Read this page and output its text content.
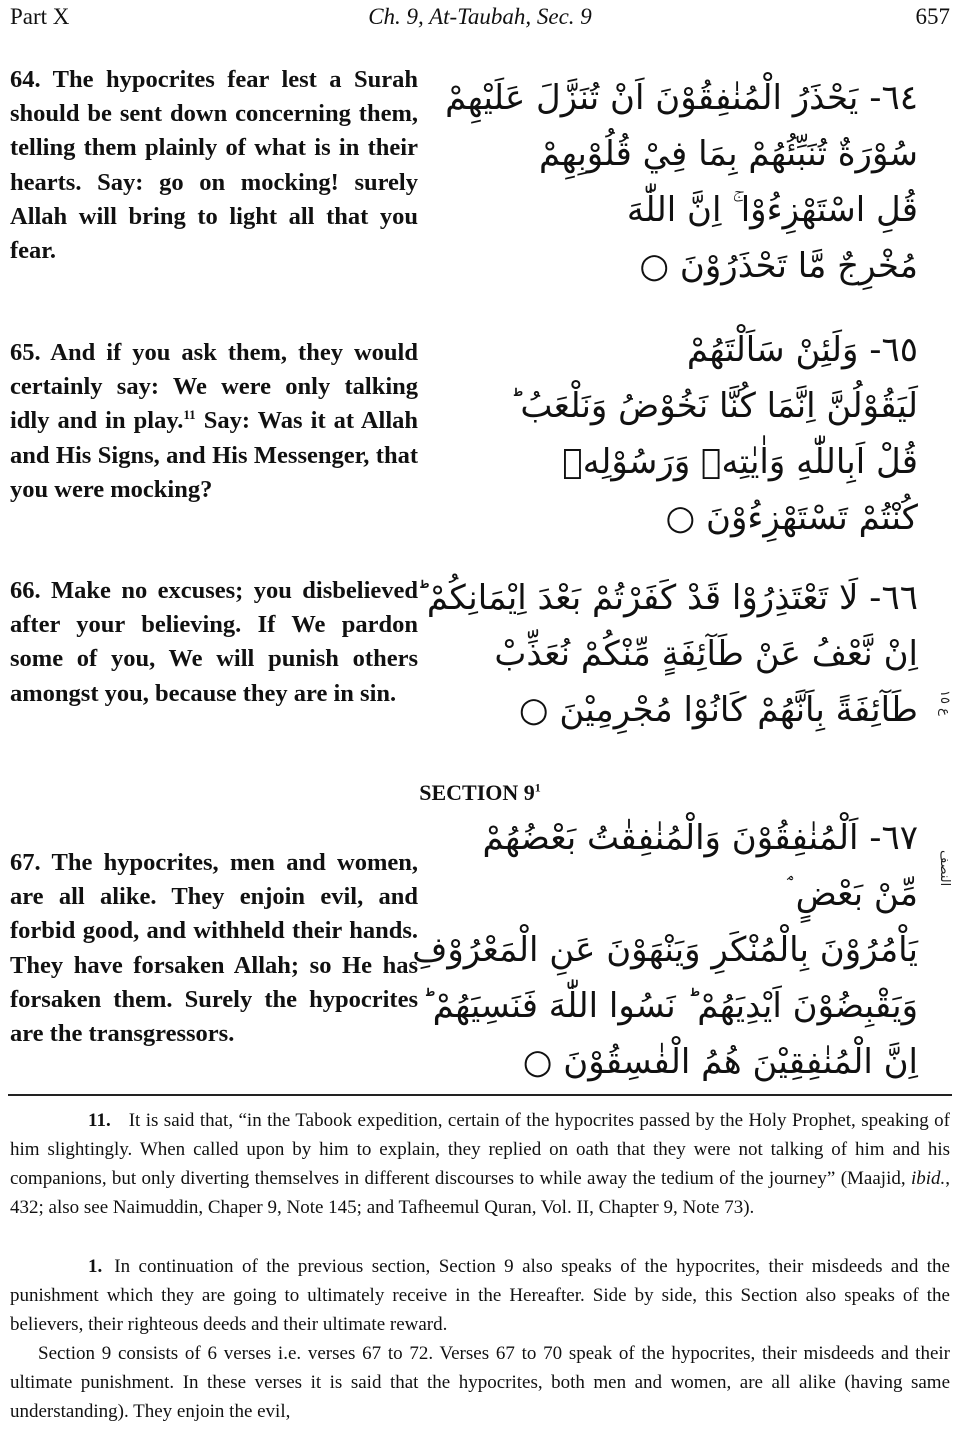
Part X	Ch. 9, At-Taubah, Sec. 9	657
64. The hypocrites fear lest a Surah should be sent down concerning them, telling them plainly of what is in their hearts. Say: go on mocking! surely Allah will bring to light all that you fear.
٦٤- يَحْذَرُ الْمُنٰفِقُوْنَ اَنْ تُنَزَّلَ عَلَيْهِمْ
سُوْرَةٌ تُنَبِّئُهُمْ بِمَا فِيْ قُلُوْبِهِمْ
قُلِ اسْتَهْزِءُوْا ۚ اِنَّ اللّٰهَ
مُخْرِجٌ مَّا تَحْذَرُوْنَ ○
65. And if you ask them, they would certainly say: We were only talking idly and in play.$^{11}$ Say: Was it at Allah and His Signs, and His Messenger, that you were mocking?
٦٥- وَلَئِنْ سَاَلْتَهُمْ
لَيَقُوْلُنَّ اِنَّمَا كُنَّا نَخُوْضُ وَنَلْعَبُ ؕ
قُلْ اَبِاللّٰهِ وَاٰيٰتِهٖ وَرَسُوْلِهٖ
كُنْتُمْ تَسْتَهْزِءُوْنَ ○
66. Make no excuses; you disbelieved after your believing. If We pardon some of you, We will punish others amongst you, because they are in sin.
٦٦- لَا تَعْتَذِرُوْا قَدْ كَفَرْتُمْ بَعْدَ اِيْمَانِكُمْ ؕ
اِنْ نَّعْفُ عَنْ طَآئِفَةٍ مِّنْكُمْ نُعَذِّبْ
طَآئِفَةً بِاَنَّهُمْ كَانُوْا مُجْرِمِيْنَ ○ ع ١٥
SECTION $9^1$
67. The hypocrites, men and women, are all alike. They enjoin evil, and forbid good, and withheld their hands. They have forsaken Allah; so He has forsaken them. Surely the hypocrites are the transgressors.
٦٧- اَلْمُنٰفِقُوْنَ وَالْمُنٰفِقٰتُ بَعْضُهُمْ
مِّنْ بَعْضٍ ۘ
يَاْمُرُوْنَ بِالْمُنْكَرِ وَيَنْهَوْنَ عَنِ الْمَعْرُوْفِ
وَيَقْبِضُوْنَ اَيْدِيَهُمْ ؕ نَسُوا اللّٰهَ فَنَسِيَهُمْ ؕ
اِنَّ الْمُنٰفِقِيْنَ هُمُ الْفٰسِقُوْنَ ○
النصف

11. It is said that, “in the Tabook expedition, certain of the hypocrites passed by the Holy Prophet, speaking of him slightingly. When called upon by him to explain, they replied on oath that they were not talking of him and his companions, but only diverting themselves in different discourses to while away the tedium of the journey” (Maajid, ibid., 432; also see Naimuddin, Chaper 9, Note 145; and Tafheemul Quran, Vol. II, Chapter 9, Note 73).

1. In continuation of the previous section, Section 9 also speaks of the hypocrites, their misdeeds and the punishment which they are going to ultimately receive in the Hereafter. Side by side, this Section also speaks of the believers, their righteous deeds and their ultimate reward.
Section 9 consists of 6 verses i.e. verses 67 to 72. Verses 67 to 70 speak of the hypocrites, their misdeeds and their ultimate punishment. In these verses it is said that the hypocrites, both men and women, are all alike (having same understanding). They enjoin the evil,
